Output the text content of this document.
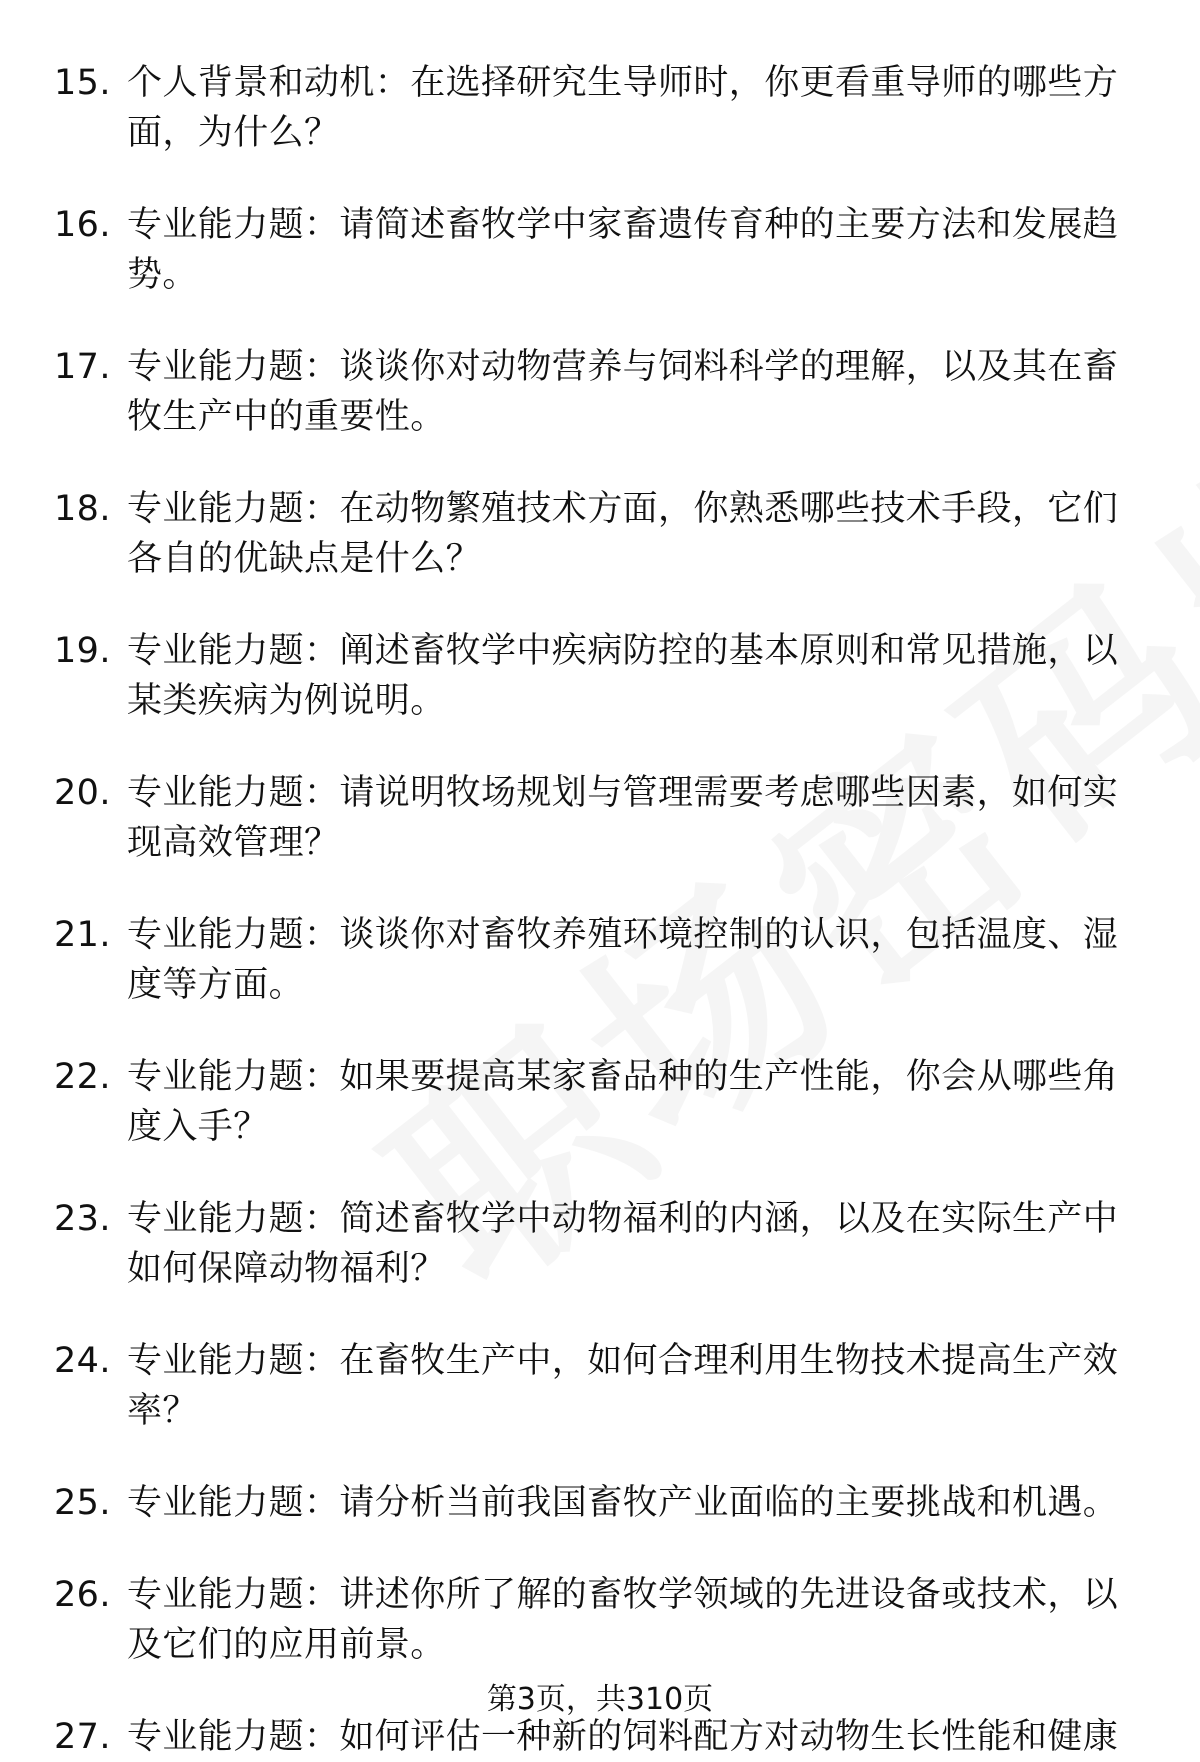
15. 个人背景和动机：在选择研究生导师时，你更看重导师的哪些方面，为什么？
16. 专业能力题：请简述畜牧学中家畜遗传育种的主要方法和发展趋势。
17. 专业能力题：谈谈你对动物营养与饲料科学的理解，以及其在畜牧生产中的重要性。
18. 专业能力题：在动物繁殖技术方面，你熟悉哪些技术手段，它们各自的优缺点是什么？
19. 专业能力题：阐述畜牧学中疾病防控的基本原则和常见措施，以某类疾病为例说明。
20. 专业能力题：请说明牧场规划与管理需要考虑哪些因素，如何实现高效管理？
21. 专业能力题：谈谈你对畜牧养殖环境控制的认识，包括温度、湿度等方面。
22. 专业能力题：如果要提高某家畜品种的生产性能，你会从哪些角度入手？
23. 专业能力题：简述畜牧学中动物福利的内涵，以及在实际生产中如何保障动物福利？
24. 专业能力题：在畜牧生产中，如何合理利用生物技术提高生产效率？
25. 专业能力题：请分析当前我国畜牧产业面临的主要挑战和机遇。
26. 专业能力题：讲述你所了解的畜牧学领域的先进设备或技术，以及它们的应用前景。
27. 专业能力题：如何评估一种新的饲料配方对动物生长性能和健康
第3页，共310页
